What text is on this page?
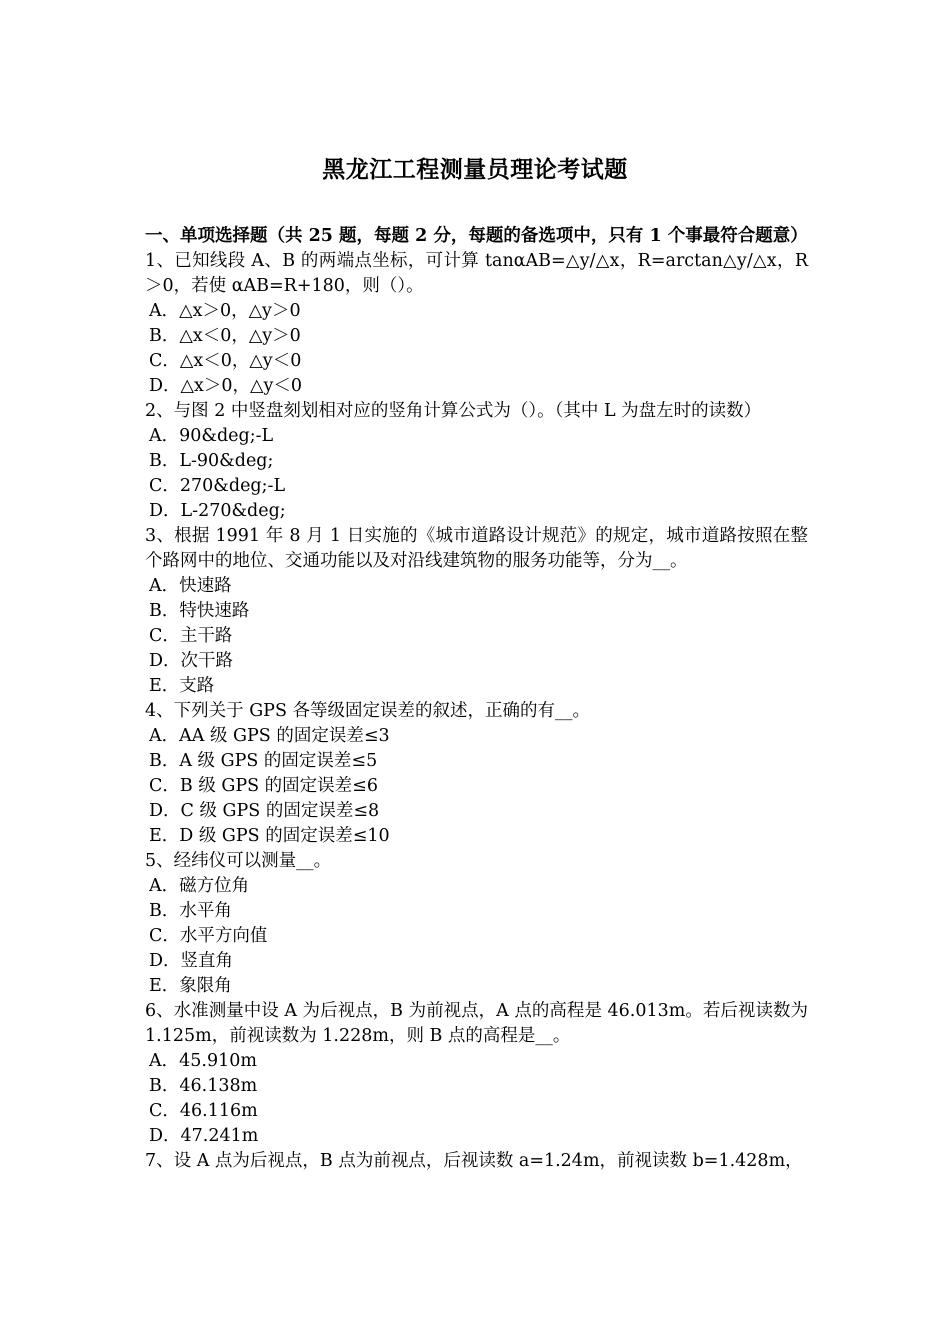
黑龙江工程测量员理论考试题

一、单项选择题（共 25 题，每题 2 分，每题的备选项中，只有 1 个事最符合题意）

1、已知线段 A、B 的两端点坐标，可计算 tanαAB=△y/△x，R=arctan△y/△x，R＞0，若使 αAB=R+180，则（）。

A．△x＞0，△y＞0

B．△x＜0，△y＞0

C．△x＜0，△y＜0

D．△x＞0，△y＜0

2、与图 2 中竖盘刻划相对应的竖角计算公式为（）。（其中 L 为盘左时的读数）

A．90&deg;-L

B．L-90&deg;

C．270&deg;-L

D．L-270&deg;

3、根据 1991 年 8 月 1 日实施的《城市道路设计规范》的规定，城市道路按照在整个路网中的地位、交通功能以及对沿线建筑物的服务功能等，分为__。

A．快速路

B．特快速路

C．主干路

D．次干路

E．支路

4、下列关于 GPS 各等级固定误差的叙述，正确的有__。

A．AA 级 GPS 的固定误差≤3

B．A 级 GPS 的固定误差≤5

C．B 级 GPS 的固定误差≤6

D．C 级 GPS 的固定误差≤8

E．D 级 GPS 的固定误差≤10

5、经纬仪可以测量__。

A．磁方位角

B．水平角

C．水平方向值

D．竖直角

E．象限角

6、水准测量中设 A 为后视点，B 为前视点，A 点的高程是 46.013m。若后视读数为 1.125m，前视读数为 1.228m，则 B 点的高程是__。

A．45.910m

B．46.138m

C．46.116m

D．47.241m

7、设 A 点为后视点，B 点为前视点，后视读数 a=1.24m，前视读数 b=1.428m，
